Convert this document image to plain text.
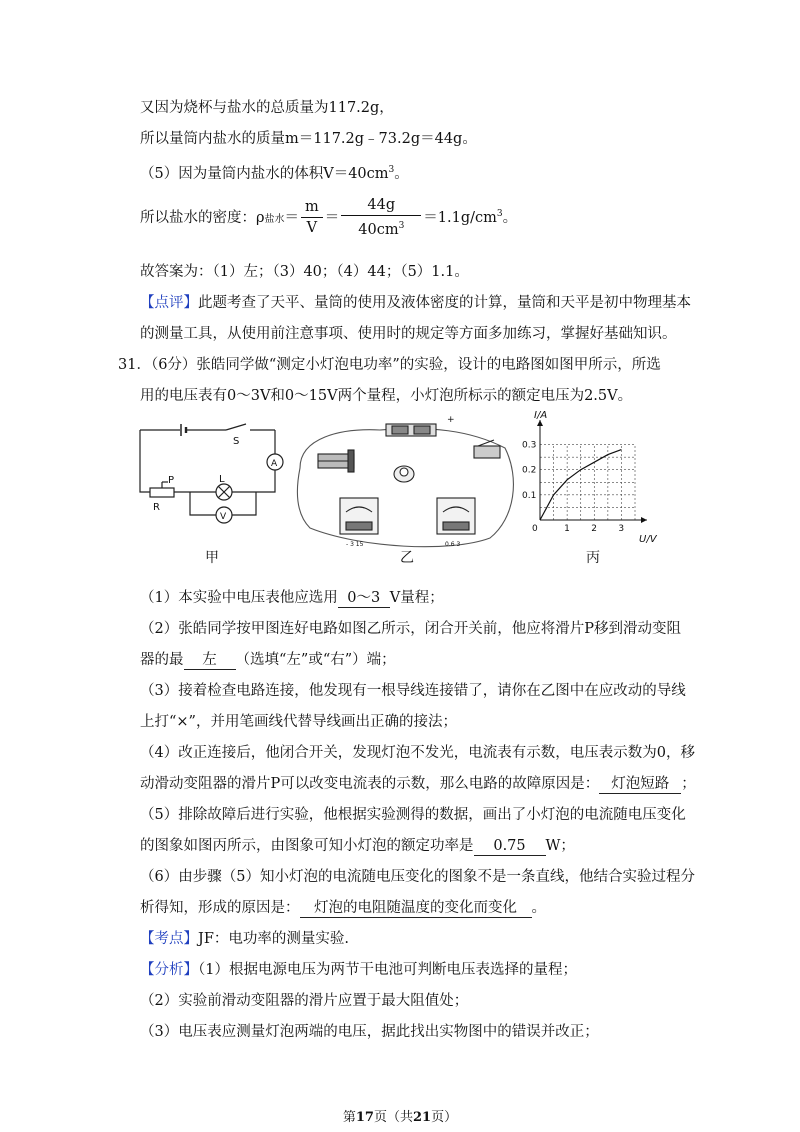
又因为烧杯与盐水的总质量为117.2g，
所以量筒内盐水的质量m＝117.2g﹣73.2g＝44g。
（5）因为量筒内盐水的体积$V=40cm^3$。
所以盐水的密度：ρ盐水＝ $\frac{m}{V} = \frac{44g}{40cm^3} =1.1g/cm^3$。
故答案为：（1）左；（3）40；（4）44；（5）1.1。
【点评】此题考查了天平、量筒的使用及液体密度的计算，量筒和天平是初中物理基本
的测量工具，从使用前注意事项、使用时的规定等方面多加练习，掌握好基础知识。
31．（6分）张皓同学做“测定小灯泡电功率”的实验，设计的电路图如图甲所示，所选
用的电压表有0～3V和0～15V两个量程，小灯泡所标示的额定电压为2.5V。
S
A
L
P
R
V
+
- 3 15	0.6 3
1 2 3
0.1
0.2
0.3
0
I/A
U/V
甲	乙	丙
（1）本实验中电压表他应选用 0～3 V量程；
（2）张皓同学按甲图连好电路如图乙所示，闭合开关前，他应将滑片P移到滑动变阻
器的最 左 （选填“左”或“右”）端；
（3）接着检查电路连接，他发现有一根导线连接错了，请你在乙图中在应改动的导线
上打“×”，并用笔画线代替导线画出正确的接法；
（4）改正连接后，他闭合开关，发现灯泡不发光，电流表有示数，电压表示数为0，移
动滑动变阻器的滑片P可以改变电流表的示数，那么电路的故障原因是： 灯泡短路 ；
（5）排除故障后进行实验，他根据实验测得的数据，画出了小灯泡的电流随电压变化
的图象如图丙所示，由图象可知小灯泡的额定功率是 0.75 W；
（6）由步骤（5）知小灯泡的电流随电压变化的图象不是一条直线，他结合实验过程分
析得知，形成的原因是： 灯泡的电阻随温度的变化而变化 。
【考点】JF：电功率的测量实验.
【分析】（1）根据电源电压为两节干电池可判断电压表选择的量程；
（2）实验前滑动变阻器的滑片应置于最大阻值处；
（3）电压表应测量灯泡两端的电压，据此找出实物图中的错误并改正；
第17页（共21页）
